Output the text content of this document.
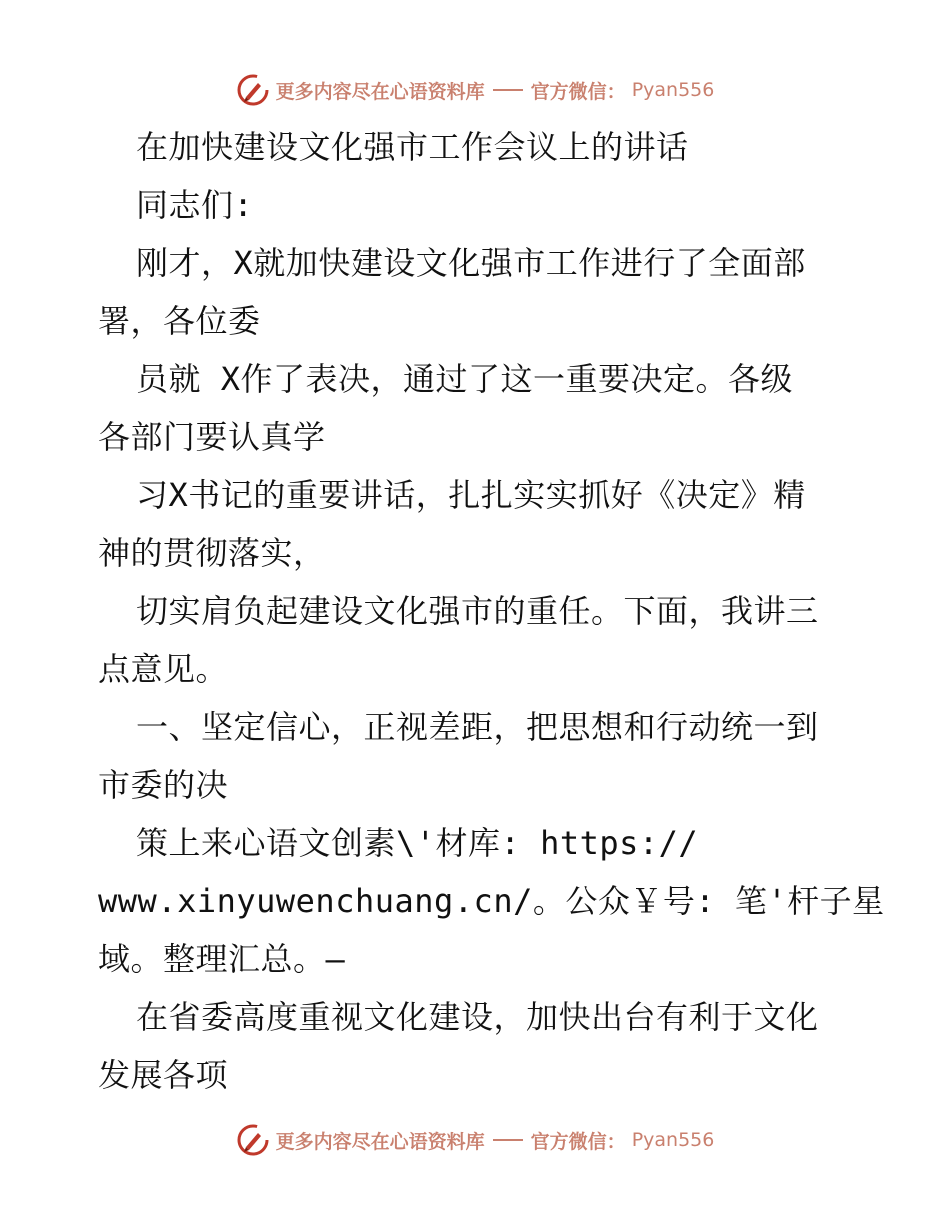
更多内容尽在心语资料库 官方微信： Pyan556
在加快建设文化强市工作会议上的讲话
同志们:
刚才，X就加快建设文化强市工作进行了全面部
署，各位委
员就 X作了表决，通过了这一重要决定。各级
各部门要认真学
习X书记的重要讲话，扎扎实实抓好《决定》精
神的贯彻落实，
切实肩负起建设文化强市的重任。下面，我讲三
点意见。
一、坚定信心，正视差距，把思想和行动统一到
市委的决
策上来心语文创素\'材库: https://
www.xinyuwenchuang.cn/。公众￥号: 笔'杆子星
域。整理汇总。—
在省委高度重视文化建设，加快出台有利于文化
发展各项
更多内容尽在心语资料库 官方微信： Pyan556
